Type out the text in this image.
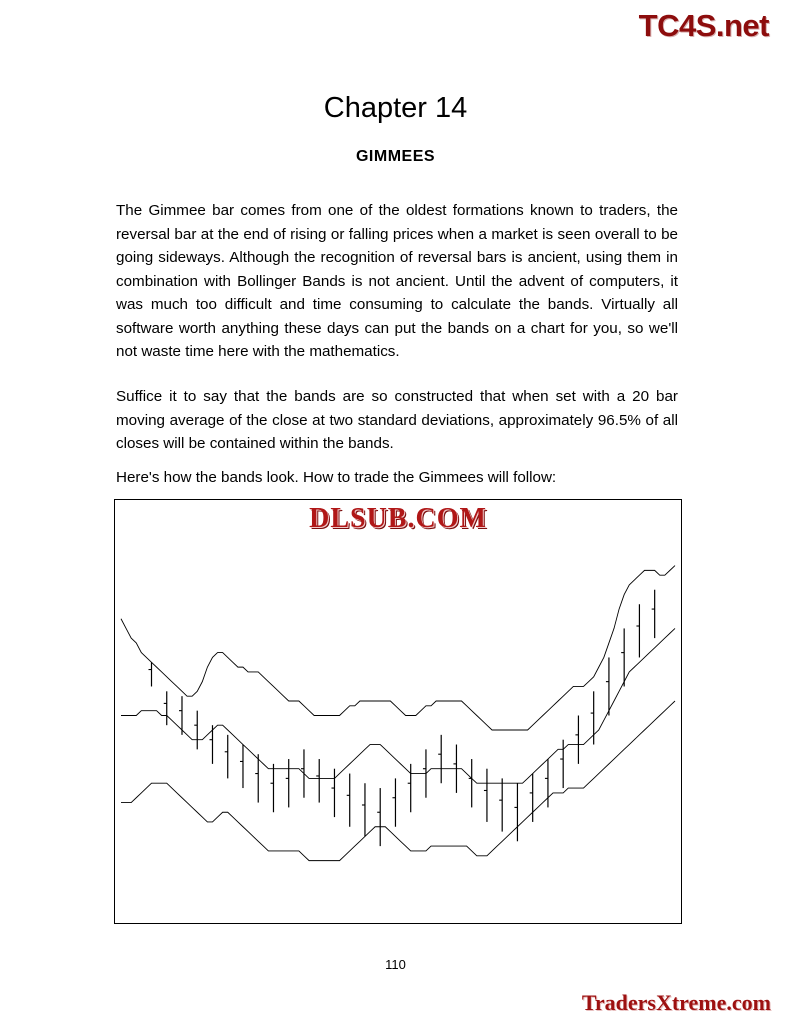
TC4S.net
Chapter 14
GIMMEES
The Gimmee bar comes from one of the oldest formations known to traders, the reversal bar at the end of rising or falling prices when a market is seen overall to be going sideways. Although the recognition of reversal bars is ancient, using them in combination with Bollinger Bands is not ancient. Until the advent of computers, it was much too difficult and time consuming to calculate the bands. Virtually all software worth anything these days can put the bands on a chart for you, so we'll not waste time here with the mathematics.
Suffice it to say that the bands are so constructed that when set with a 20 bar moving average of the close at two standard deviations, approximately 96.5% of all closes will be contained within the bands.
Here's how the bands look. How to trade the Gimmees will follow:
DLSUB.COM
110
TradersXtreme.com
